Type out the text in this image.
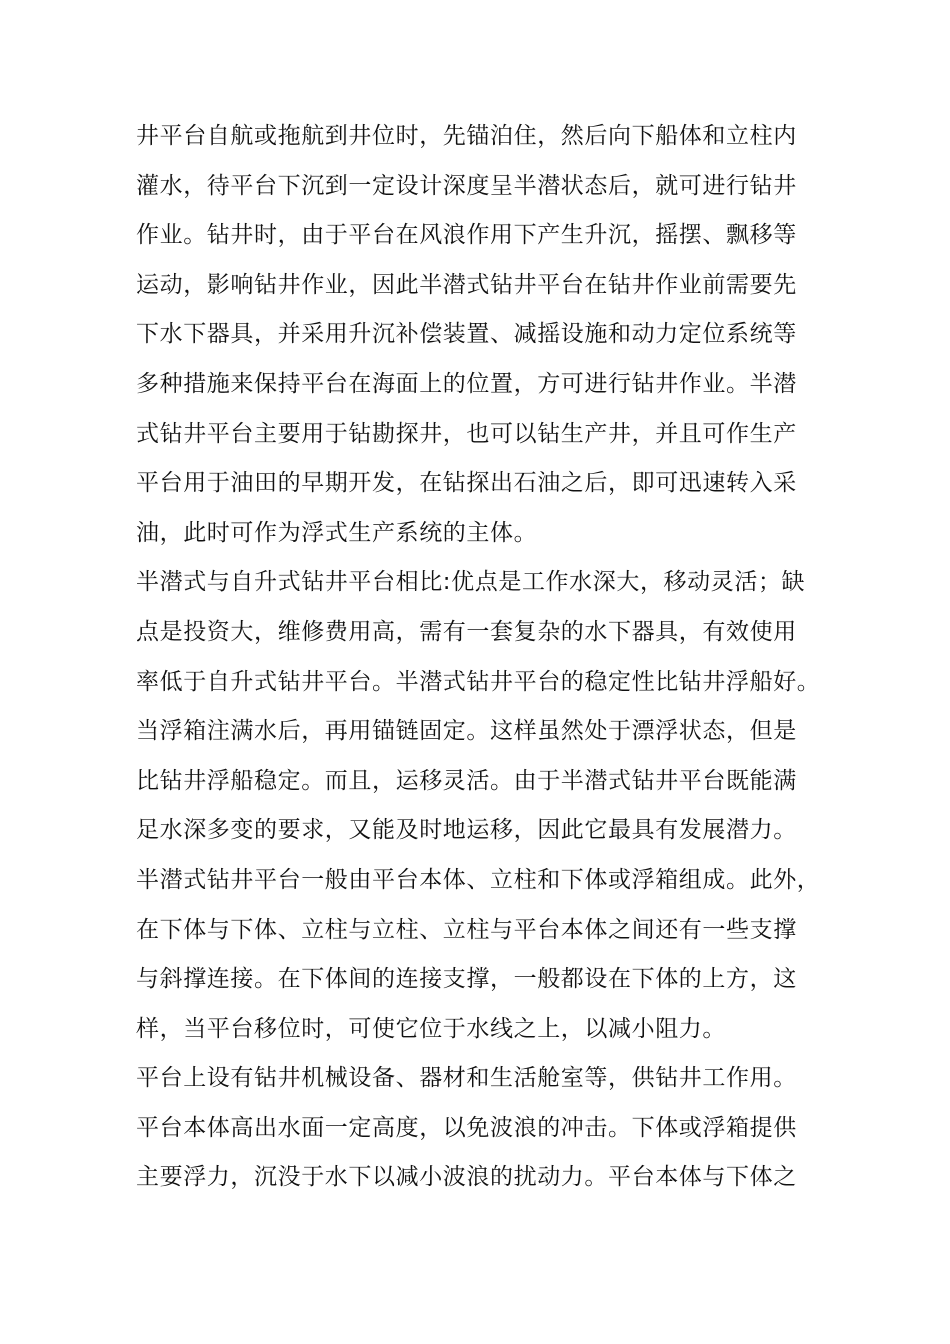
井平台自航或拖航到井位时，先锚泊住，然后向下船体和立柱内
灌水，待平台下沉到一定设计深度呈半潜状态后，就可进行钻井
作业。钻井时，由于平台在风浪作用下产生升沉，摇摆、飘移等
运动，影响钻井作业，因此半潜式钻井平台在钻井作业前需要先
下水下器具，并采用升沉补偿装置、减摇设施和动力定位系统等
多种措施来保持平台在海面上的位置，方可进行钻井作业。半潜
式钻井平台主要用于钻勘探井，也可以钻生产井，并且可作生产
平台用于油田的早期开发，在钻探出石油之后，即可迅速转入采
油，此时可作为浮式生产系统的主体。
半潜式与自升式钻井平台相比:优点是工作水深大，移动灵活；缺
点是投资大，维修费用高，需有一套复杂的水下器具，有效使用
率低于自升式钻井平台。半潜式钻井平台的稳定性比钻井浮船好。
当浮箱注满水后，再用锚链固定。这样虽然处于漂浮状态，但是
比钻井浮船稳定。而且，运移灵活。由于半潜式钻井平台既能满
足水深多变的要求，又能及时地运移，因此它最具有发展潜力。
半潜式钻井平台一般由平台本体、立柱和下体或浮箱组成。此外，
在下体与下体、立柱与立柱、立柱与平台本体之间还有一些支撑
与斜撑连接。在下体间的连接支撑，一般都设在下体的上方，这
样，当平台移位时，可使它位于水线之上，以减小阻力。
平台上设有钻井机械设备、器材和生活舱室等，供钻井工作用。
平台本体高出水面一定高度，以免波浪的冲击。下体或浮箱提供
主要浮力，沉没于水下以减小波浪的扰动力。平台本体与下体之
